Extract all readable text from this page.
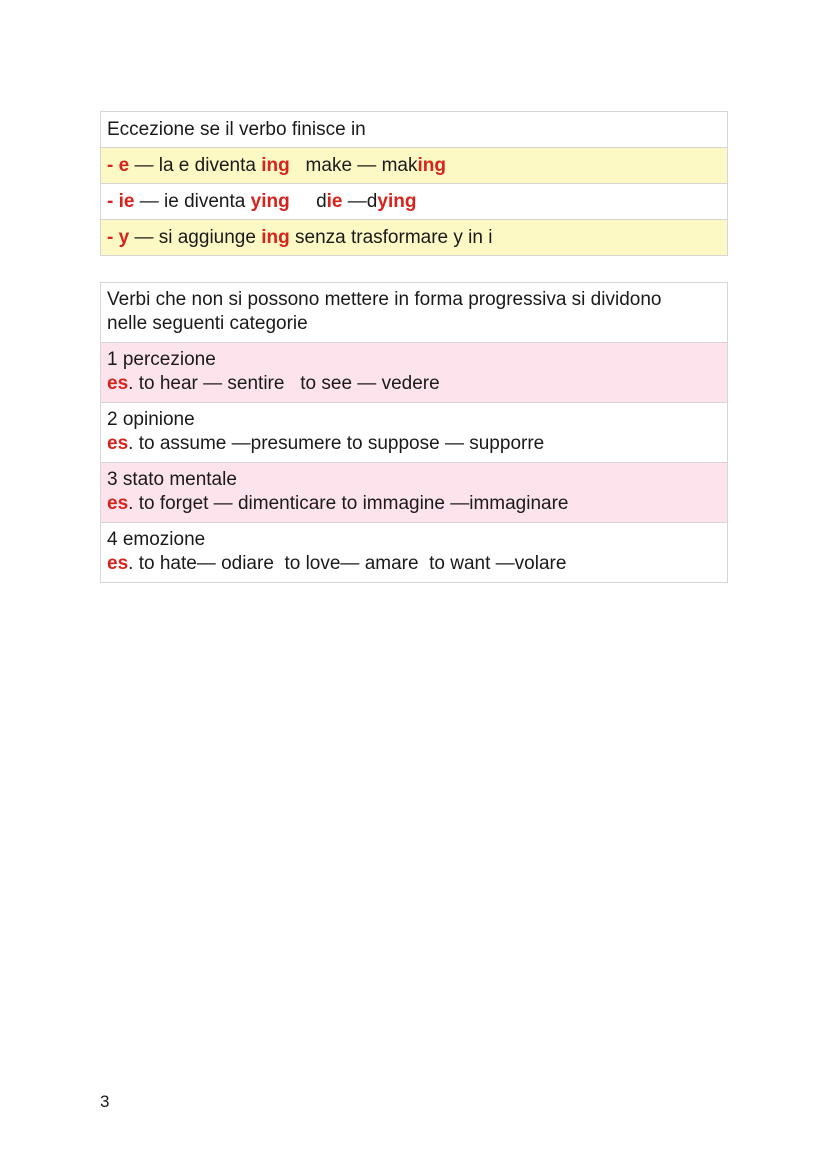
Eccezione se il verbo finisce in
- e — la e diventa ing   make — making
- ie — ie diventa ying     die —dying
- y — si aggiunge ing senza trasformare y in i
Verbi che non si possono mettere in forma progressiva si dividono
nelle seguenti categorie

1 percezione
es. to hear — sentire   to see — vedere

2 opinione
es. to assume —presumere to suppose — supporre

3 stato mentale
es. to forget — dimenticare to immagine —immaginare

4 emozione
es. to hate— odiare  to love— amare  to want —volare
3
